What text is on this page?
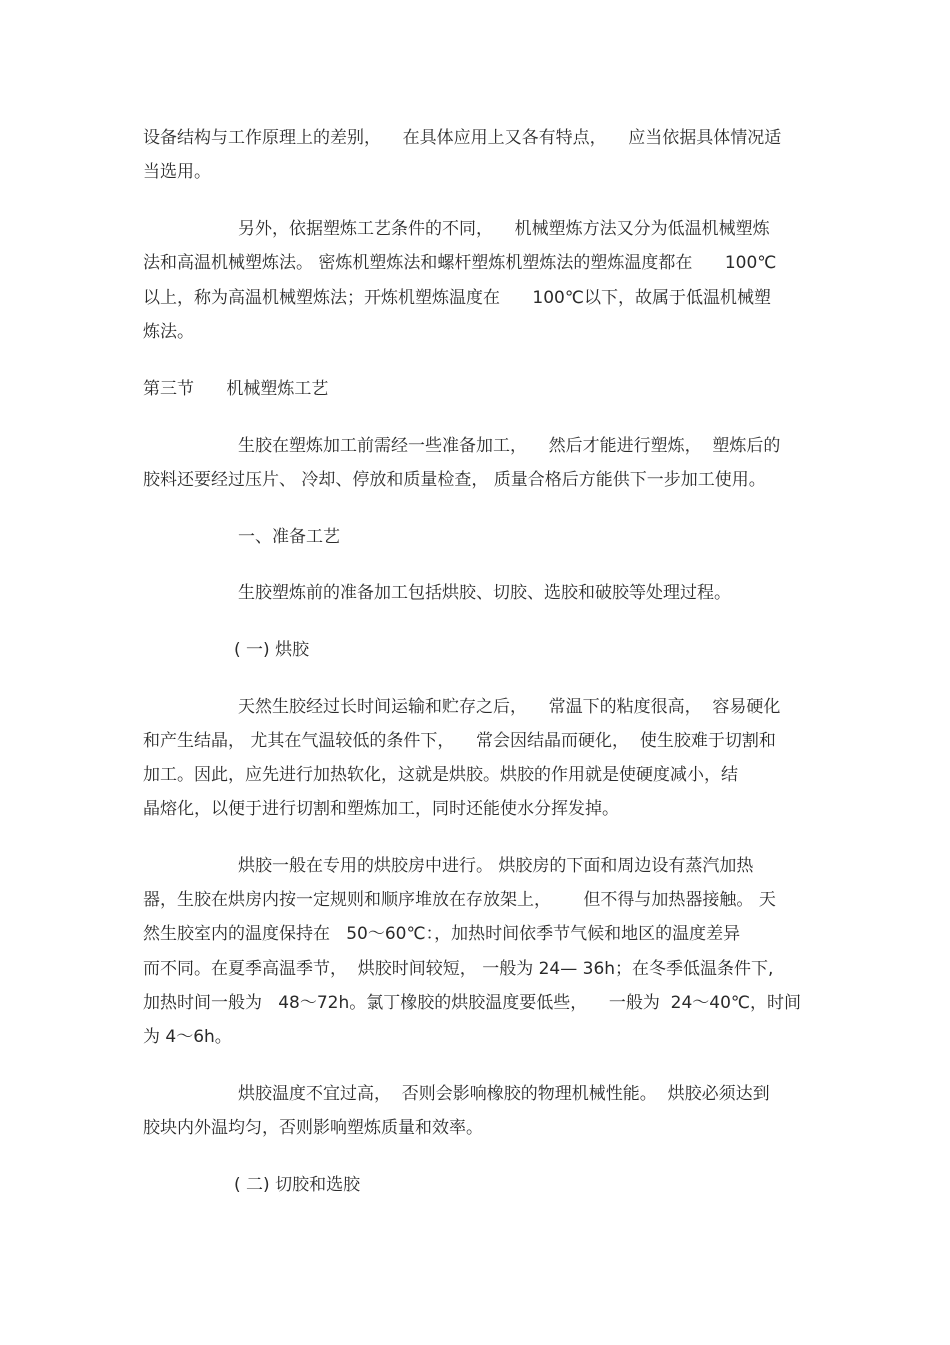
设备结构与工作原理上的差别，    在具体应用上又各有特点，    应当依据具体情况适
当选用。
另外，依据塑炼工艺条件的不同，    机械塑炼方法又分为低温机械塑炼
法和高温机械塑炼法。 密炼机塑炼法和螺杆塑炼机塑炼法的塑炼温度都在      100℃
以上，称为高温机械塑炼法；开炼机塑炼温度在      100℃以下，故属于低温机械塑
炼法。
第三节      机械塑炼工艺
生胶在塑炼加工前需经一些准备加工，    然后才能进行塑炼，  塑炼后的
胶料还要经过压片、 冷却、停放和质量检查， 质量合格后方能供下一步加工使用。
一、准备工艺
生胶塑炼前的准备加工包括烘胶、切胶、选胶和破胶等处理过程。
( 一) 烘胶
天然生胶经过长时间运输和贮存之后，    常温下的粘度很高，  容易硬化
和产生结晶， 尤其在气温较低的条件下，    常会因结晶而硬化，  使生胶难于切割和
加工。因此，应先进行加热软化，这就是烘胶。烘胶的作用就是使硬度减小，结
晶熔化，以便于进行切割和塑炼加工，同时还能使水分挥发掉。
烘胶一般在专用的烘胶房中进行。 烘胶房的下面和周边设有蒸汽加热
器，生胶在烘房内按一定规则和顺序堆放在存放架上，      但不得与加热器接触。 天
然生胶室内的温度保持在   50～60℃：，加热时间依季节气候和地区的温度差异
而不同。在夏季高温季节，  烘胶时间较短， 一般为 24— 36h；在冬季低温条件下,
加热时间一般为   48～72h。氯丁橡胶的烘胶温度要低些，    一般为  24～40℃，时间
为 4～6h。
烘胶温度不宜过高，  否则会影响橡胶的物理机械性能。  烘胶必须达到
胶块内外温均匀，否则影响塑炼质量和效率。
( 二) 切胶和选胶
